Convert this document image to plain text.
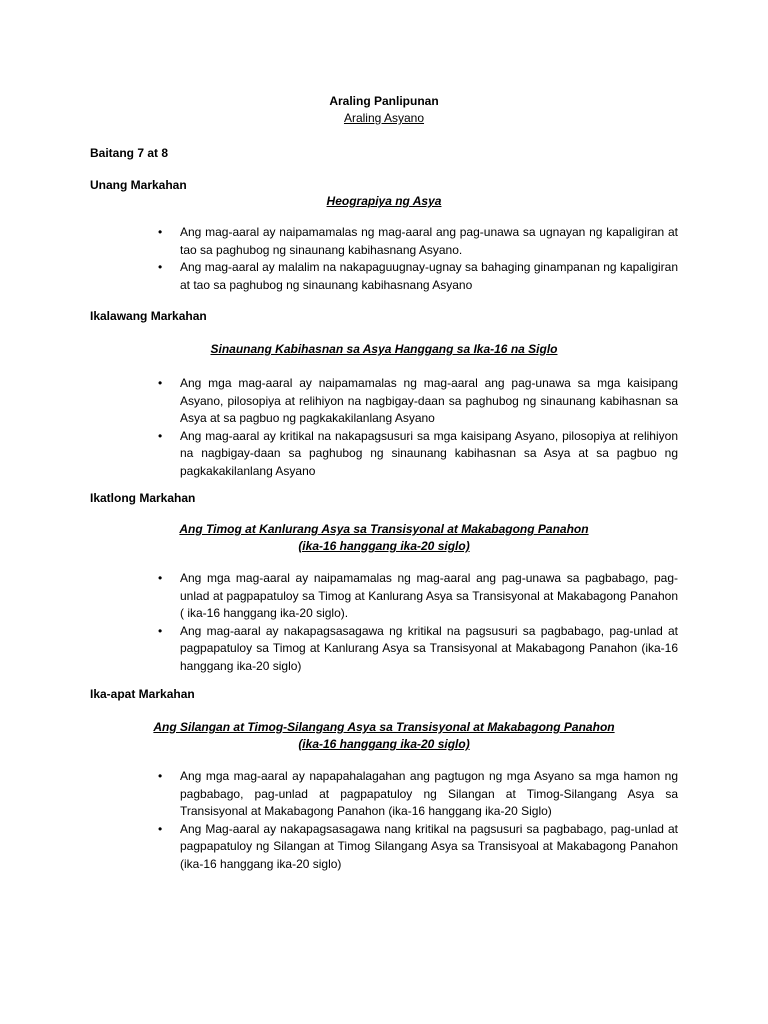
Araling Panlipunan
Araling Asyano
Baitang 7 at 8
Unang Markahan
Heograpiya ng Asya
• Ang mag-aaral ay naipamamalas ng mag-aaral ang pag-unawa sa ugnayan ng kapaligiran at tao sa paghubog ng sinaunang kabihasnang Asyano.
• Ang mag-aaral ay malalim na nakapaguugnay-ugnay sa bahaging ginampanan ng kapaligiran at tao sa paghubog ng sinaunang kabihasnang Asyano
Ikalawang Markahan
Sinaunang Kabihasnan sa Asya Hanggang sa Ika-16 na Siglo
• Ang mga mag-aaral ay naipamamalas ng mag-aaral ang pag-unawa sa mga kaisipang Asyano, pilosopiya at relihiyon na nagbigay-daan sa paghubog ng sinaunang kabihasnan sa Asya at sa pagbuo ng pagkakakilanlang Asyano
• Ang mag-aaral ay kritikal na nakapagsusuri sa mga kaisipang Asyano, pilosopiya at relihiyon na nagbigay-daan sa paghubog ng sinaunang kabihasnan sa Asya at sa pagbuo ng pagkakakilanlang Asyano
Ikatlong Markahan
Ang Timog at Kanlurang Asya sa Transisyonal at Makabagong Panahon
(ika-16 hanggang ika-20 siglo)
• Ang mga mag-aaral ay naipamamalas ng mag-aaral ang pag-unawa sa pagbabago, pag-unlad at pagpapatuloy sa Timog at Kanlurang Asya sa Transisyonal at Makabagong Panahon ( ika-16 hanggang ika-20 siglo).
• Ang mag-aaral ay nakapagsasagawa ng kritikal na pagsusuri sa pagbabago, pag-unlad at pagpapatuloy sa Timog at Kanlurang Asya sa Transisyonal at Makabagong Panahon (ika-16 hanggang ika-20 siglo)
Ika-apat Markahan
Ang Silangan at Timog-Silangang Asya sa Transisyonal at Makabagong Panahon
(ika-16 hanggang ika-20 siglo)
• Ang mga mag-aaral ay napapahalagahan ang pagtugon ng mga Asyano sa mga hamon ng pagbabago, pag-unlad at pagpapatuloy ng Silangan at Timog-Silangang Asya sa Transisyonal at Makabagong Panahon (ika-16 hanggang ika-20 Siglo)
• Ang Mag-aaral ay nakapagsasagawa nang kritikal na pagsusuri sa pagbabago, pag-unlad at pagpapatuloy ng Silangan at Timog Silangang Asya sa Transisyoal at Makabagong Panahon (ika-16 hanggang ika-20 siglo)
